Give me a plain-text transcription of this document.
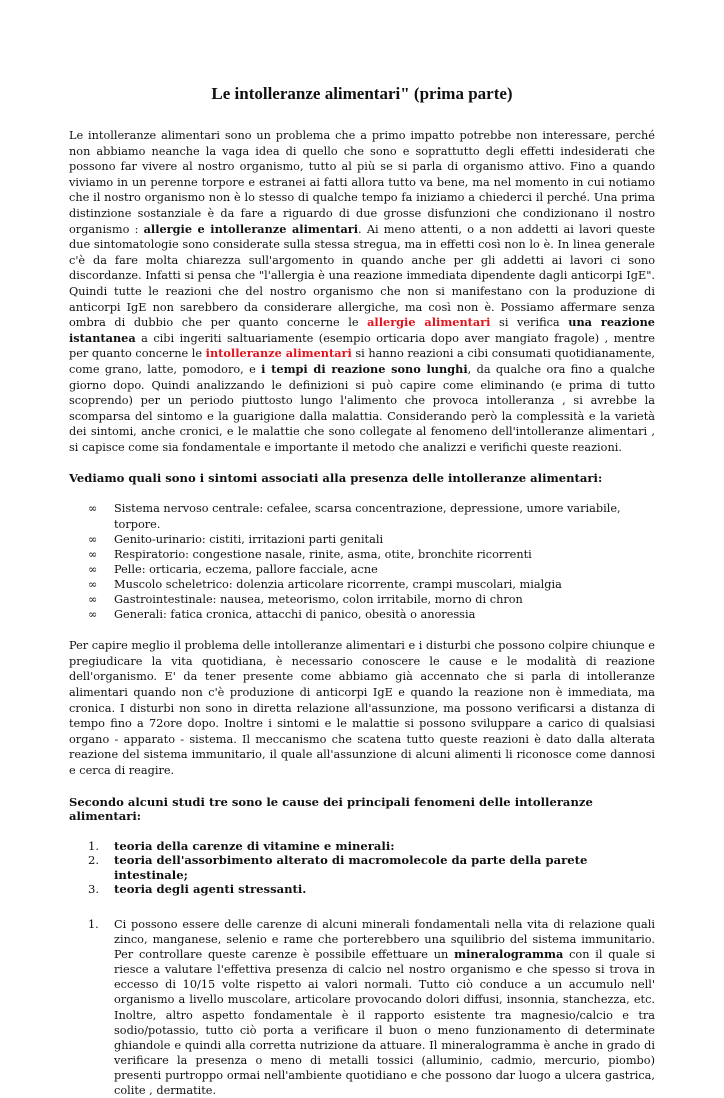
Le intolleranze alimentari" (prima parte)

Le intolleranze alimentari sono un problema che a primo impatto potrebbe non interessare, perché non abbiamo neanche la vaga idea di quello che sono e soprattutto degli effetti indesiderati che possono far vivere al nostro organismo, tutto al più se si parla di organismo attivo. Fino a quando viviamo in un perenne torpore e estranei ai fatti allora tutto va bene, ma nel momento in cui notiamo che il nostro organismo non è lo stesso di qualche tempo fa iniziamo a chiederci il perché. Una prima distinzione sostanziale è da fare a riguardo di due grosse disfunzioni che condizionano il nostro organismo : allergie e intolleranze alimentari. Ai meno attenti, o a non addetti ai lavori queste due sintomatologie sono considerate sulla stessa stregua, ma in effetti così non lo è. In linea generale c'è da fare molta chiarezza sull'argomento in quando anche per gli addetti ai lavori ci sono discordanze. Infatti si pensa che "l'allergia è una reazione immediata dipendente dagli anticorpi IgE". Quindi tutte le reazioni che del nostro organismo che non si manifestano con la produzione di anticorpi IgE non sarebbero da considerare allergiche, ma così non è. Possiamo affermare senza ombra di dubbio che per quanto concerne le allergie alimentari si verifica una reazione istantanea a cibi ingeriti saltuariamente (esempio orticaria dopo aver mangiato fragole) , mentre per quanto concerne le intolleranze alimentari si hanno reazioni a cibi consumati quotidianamente, come grano, latte, pomodoro, e i tempi di reazione sono lunghi, da qualche ora fino a qualche giorno dopo. Quindi analizzando le definizioni si può capire come eliminando (e prima di tutto scoprendo) per un periodo piuttosto lungo l'alimento che provoca intolleranza , si avrebbe la scomparsa del sintomo e la guarigione dalla malattia. Considerando però la complessità e la varietà dei sintomi, anche cronici, e le malattie che sono collegate al fenomeno dell'intolleranze alimentari , si capisce come sia fondamentale e importante il metodo che analizzi e verifichi queste reazioni.

Vediamo quali sono i sintomi associati alla presenza delle intolleranze alimentari:
∞	Sistema nervoso centrale: cefalee, scarsa concentrazione, depressione, umore variabile, torpore.
∞	Genito-urinario: cistiti, irritazioni parti genitali
∞	Respiratorio: congestione nasale, rinite, asma, otite, bronchite ricorrenti
∞	Pelle: orticaria, eczema, pallore facciale, acne
∞	Muscolo scheletrico: dolenzia articolare ricorrente, crampi muscolari, mialgia
∞	Gastrointestinale: nausea, meteorismo, colon irritabile, morno di chron
∞	Generali: fatica cronica, attacchi di panico, obesità o anoressia

Per capire meglio il problema delle intolleranze alimentari e i disturbi che possono colpire chiunque e pregiudicare la vita quotidiana, è necessario conoscere le cause e le modalità di reazione dell'organismo. E' da tener presente come abbiamo già accennato che si parla di intolleranze alimentari quando non c'è produzione di anticorpi IgE e quando la reazione non è immediata, ma cronica. I disturbi non sono in diretta relazione all'assunzione, ma possono verificarsi a distanza di tempo fino a 72ore dopo. Inoltre i sintomi e le malattie si possono sviluppare a carico di qualsiasi organo - apparato - sistema. Il meccanismo che scatena tutto queste reazioni è dato dalla alterata reazione del sistema immunitario, il quale all'assunzione di alcuni alimenti li riconosce come dannosi e cerca di reagire.

Secondo alcuni studi tre sono le cause dei principali fenomeni delle intolleranze alimentari:
1.	teoria della carenze di vitamine e minerali:
2.	teoria dell'assorbimento alterato di macromolecole da parte della parete intestinale;
3.	teoria degli agenti stressanti.
1.	Ci possono essere delle carenze di alcuni minerali fondamentali nella vita di relazione quali zinco, manganese, selenio e rame che porterebbero una squilibrio del sistema immunitario. Per controllare queste carenze è possibile effettuare un mineralogramma con il quale si riesce a valutare l'effettiva presenza di calcio nel nostro organismo e che spesso si trova in eccesso di 10/15 volte rispetto ai valori normali. Tutto ciò conduce a un accumulo nell' organismo a livello muscolare, articolare provocando dolori diffusi, insonnia, stanchezza, etc. Inoltre, altro aspetto fondamentale è il rapporto esistente tra magnesio/calcio e tra sodio/potassio, tutto ciò porta a verificare il buon o meno funzionamento di determinate ghiandole e quindi alla corretta nutrizione da attuare. Il mineralogramma è anche in grado di verificare la presenza o meno di metalli tossici (alluminio, cadmio, mercurio, piombo) presenti purtroppo ormai nell'ambiente quotidiano e che possono dar luogo a ulcera gastrica, colite , dermatite.
